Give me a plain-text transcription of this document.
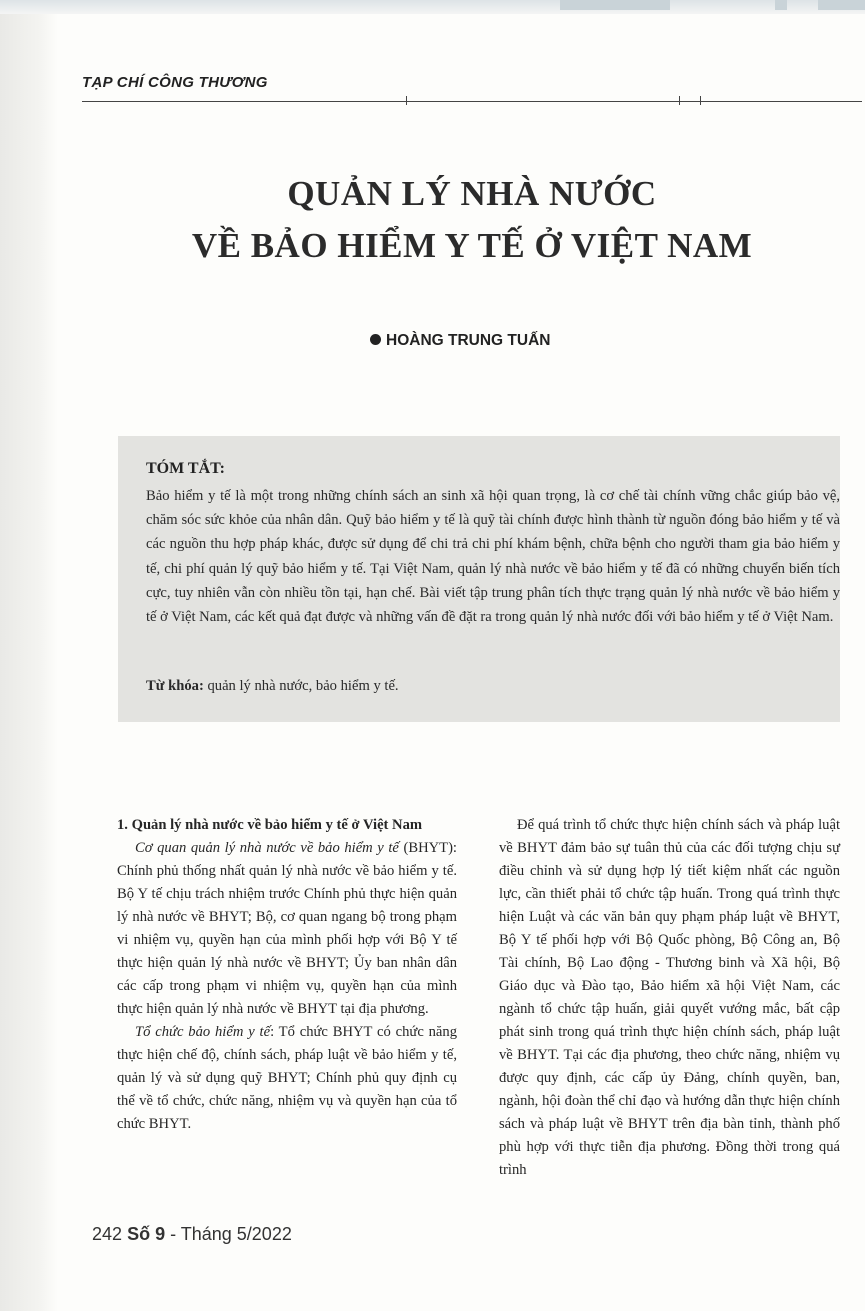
TẠP CHÍ CÔNG THƯƠNG
QUẢN LÝ NHÀ NƯỚC
VỀ BẢO HIỂM Y TẾ Ở VIỆT NAM
HOÀNG TRUNG TUẤN
TÓM TẮT:
Bảo hiểm y tế là một trong những chính sách an sinh xã hội quan trọng, là cơ chế tài chính vững chắc giúp bảo vệ, chăm sóc sức khỏe của nhân dân. Quỹ bảo hiểm y tế là quỹ tài chính được hình thành từ nguồn đóng bảo hiểm y tế và các nguồn thu hợp pháp khác, được sử dụng để chi trả chi phí khám bệnh, chữa bệnh cho người tham gia bảo hiểm y tế, chi phí quản lý quỹ bảo hiểm y tế. Tại Việt Nam, quản lý nhà nước về bảo hiểm y tế đã có những chuyển biến tích cực, tuy nhiên vẫn còn nhiều tồn tại, hạn chế. Bài viết tập trung phân tích thực trạng quản lý nhà nước về bảo hiểm y tế ở Việt Nam, các kết quả đạt được và những vấn đề đặt ra trong quản lý nhà nước đối với bảo hiểm y tế ở Việt Nam.
Từ khóa: quản lý nhà nước, bảo hiểm y tế.

1. Quản lý nhà nước về bảo hiểm y tế ở Việt Nam

Cơ quan quản lý nhà nước về bảo hiểm y tế (BHYT): Chính phủ thống nhất quản lý nhà nước về bảo hiểm y tế. Bộ Y tế chịu trách nhiệm trước Chính phủ thực hiện quản lý nhà nước về BHYT; Bộ, cơ quan ngang bộ trong phạm vi nhiệm vụ, quyền hạn của mình phối hợp với Bộ Y tế thực hiện quản lý nhà nước về BHYT; Ủy ban nhân dân các cấp trong phạm vi nhiệm vụ, quyền hạn của mình thực hiện quản lý nhà nước về BHYT tại địa phương.

Tổ chức bảo hiểm y tế: Tổ chức BHYT có chức năng thực hiện chế độ, chính sách, pháp luật về bảo hiểm y tế, quản lý và sử dụng quỹ BHYT; Chính phủ quy định cụ thể về tổ chức, chức năng, nhiệm vụ và quyền hạn của tổ chức BHYT.

Để quá trình tổ chức thực hiện chính sách và pháp luật về BHYT đảm bảo sự tuân thủ của các đối tượng chịu sự điều chỉnh và sử dụng hợp lý tiết kiệm nhất các nguồn lực, cần thiết phải tổ chức tập huấn. Trong quá trình thực hiện Luật và các văn bản quy phạm pháp luật về BHYT, Bộ Y tế phối hợp với Bộ Quốc phòng, Bộ Công an, Bộ Tài chính, Bộ Lao động - Thương binh và Xã hội, Bộ Giáo dục và Đào tạo, Bảo hiểm xã hội Việt Nam, các ngành tổ chức tập huấn, giải quyết vướng mắc, bất cập phát sinh trong quá trình thực hiện chính sách, pháp luật về BHYT. Tại các địa phương, theo chức năng, nhiệm vụ được quy định, các cấp ủy Đảng, chính quyền, ban, ngành, hội đoàn thể chỉ đạo và hướng dẫn thực hiện chính sách và pháp luật về BHYT trên địa bàn tỉnh, thành phố phù hợp với thực tiễn địa phương. Đồng thời trong quá trình

242 Số 9 - Tháng 5/2022
